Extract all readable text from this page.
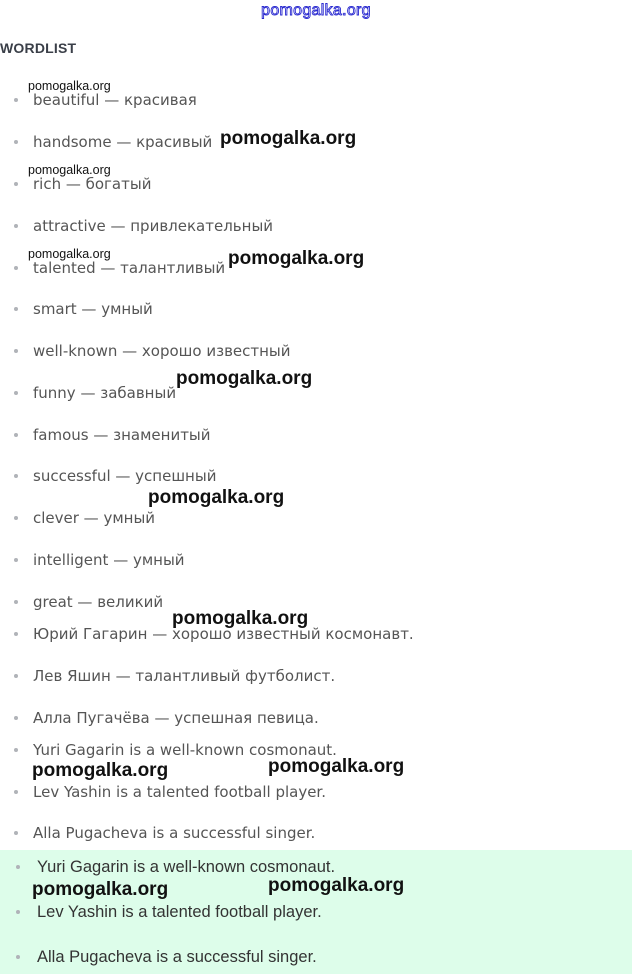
pomogalka.org
WORDLIST
beautiful — красивая
handsome — красивый
rich — богатый
attractive — привлекательный
talented — талантливый
smart — умный
well-known — хорошо известный
funny — забавный
famous — знаменитый
successful — успешный
clever — умный
intelligent — умный
great — великий
Юрий Гагарин — хорошо известный космонавт.
Лев Яшин — талантливый футболист.
Алла Пугачёва — успешная певица.
Yuri Gagarin is a well-known cosmonaut.
Lev Yashin is a talented football player.
Alla Pugacheva is a successful singer.
Yuri Gagarin is a well-known cosmonaut.
Lev Yashin is a talented football player.
Alla Pugacheva is a successful singer.
pomogalka.org
pomogalka.org
pomogalka.org
pomogalka.org	pomogalka.org
pomogalka.org
pomogalka.org
pomogalka.org
pomogalka.org	pomogalka.org
pomogalka.org	pomogalka.org
